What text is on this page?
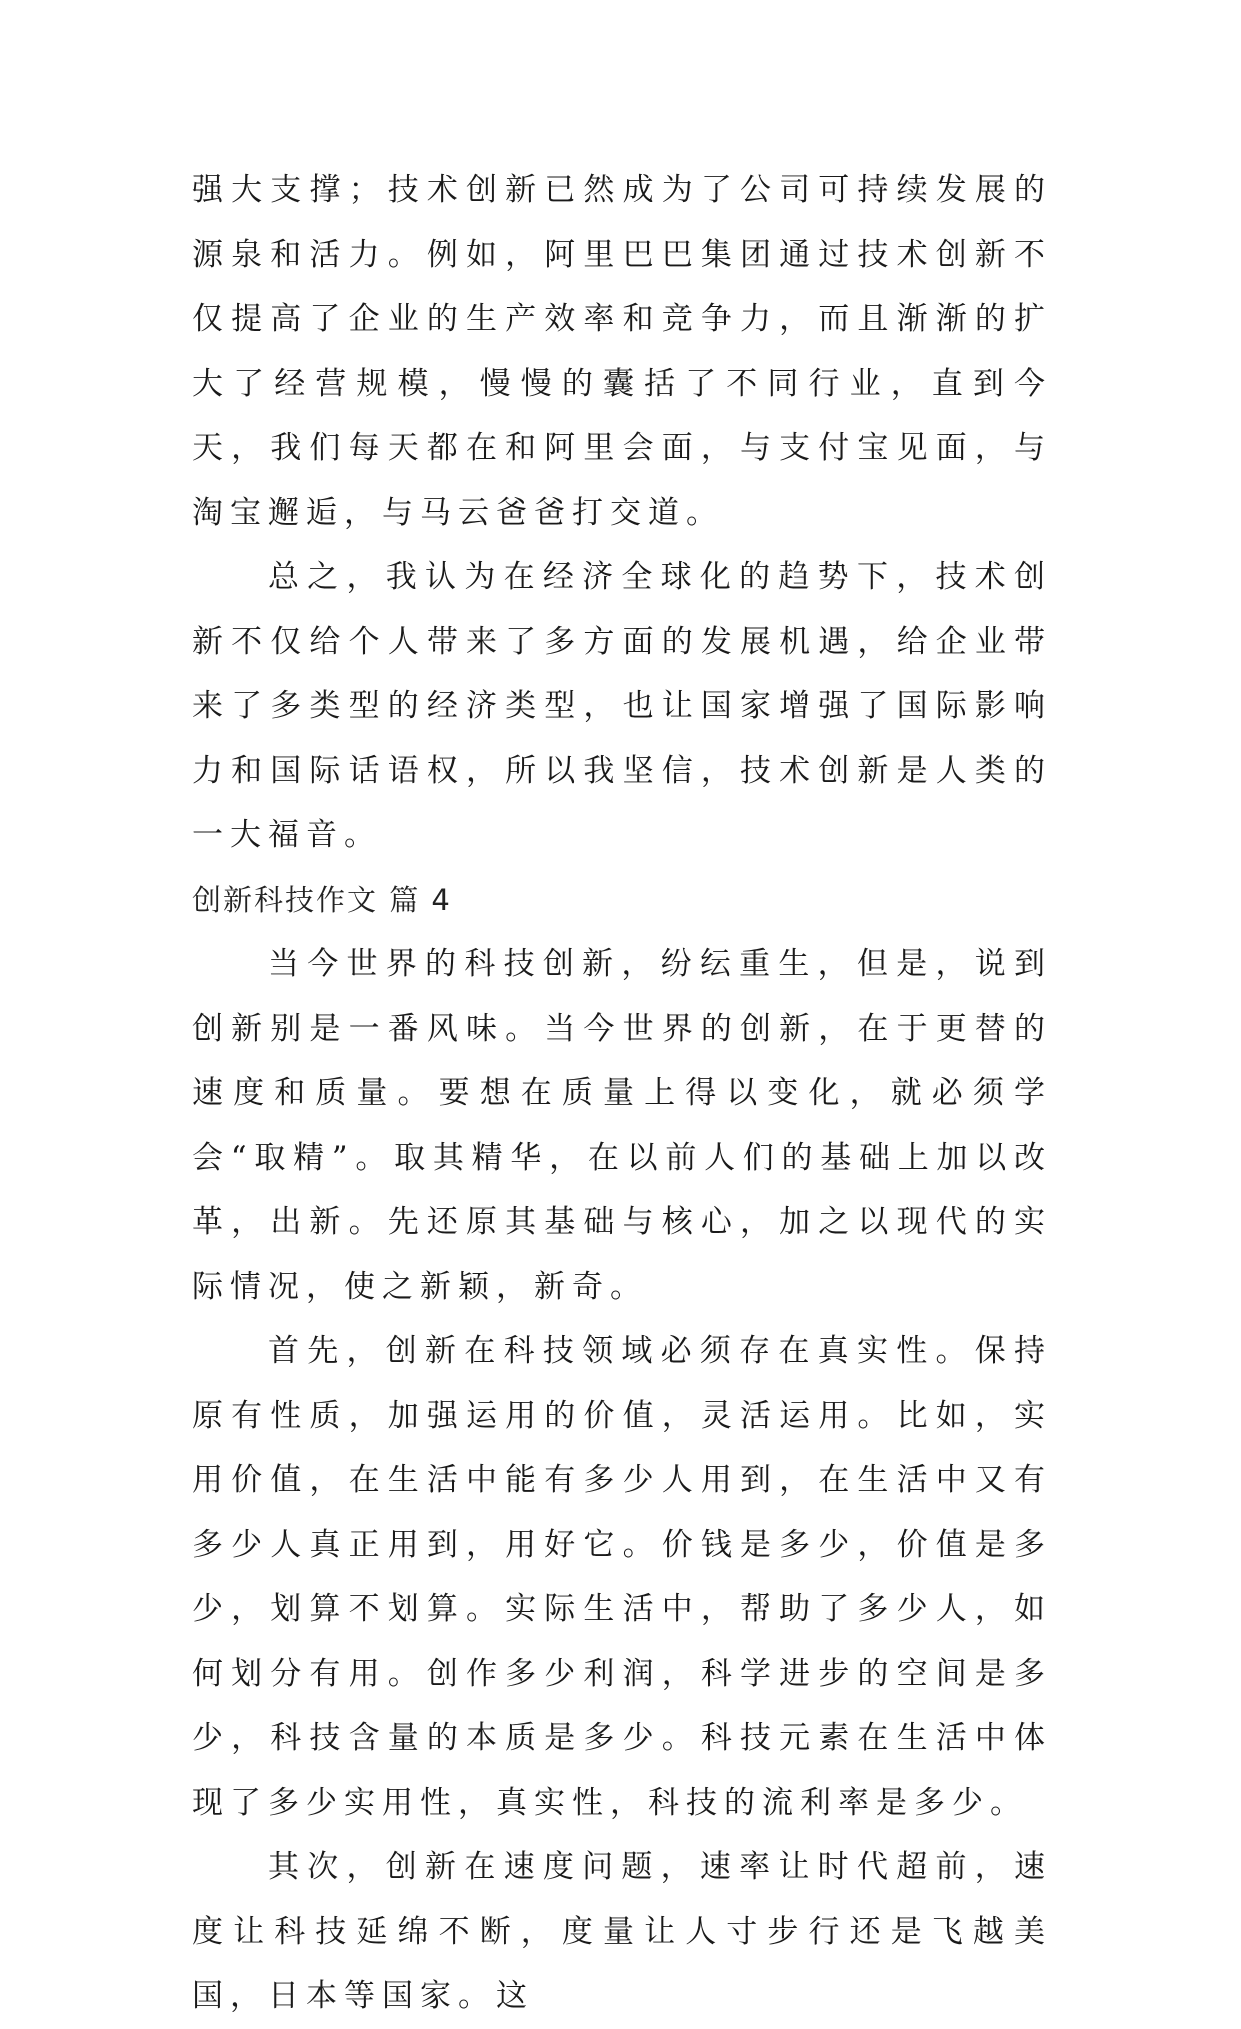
强大支撑；技术创新已然成为了公司可持续发展的源泉和活力。例如，阿里巴巴集团通过技术创新不仅提高了企业的生产效率和竞争力，而且渐渐的扩大了经营规模，慢慢的囊括了不同行业，直到今天，我们每天都在和阿里会面，与支付宝见面，与淘宝邂逅，与马云爸爸打交道。

总之，我认为在经济全球化的趋势下，技术创新不仅给个人带来了多方面的发展机遇，给企业带来了多类型的经济类型，也让国家增强了国际影响力和国际话语权，所以我坚信，技术创新是人类的一大福音。

创新科技作文 篇 4

当今世界的科技创新，纷纭重生，但是，说到创新别是一番风味。当今世界的创新，在于更替的速度和质量。要想在质量上得以变化，就必须学会“取精”。取其精华，在以前人们的基础上加以改革，出新。先还原其基础与核心，加之以现代的实际情况，使之新颖，新奇。

首先，创新在科技领域必须存在真实性。保持原有性质，加强运用的价值，灵活运用。比如，实用价值，在生活中能有多少人用到，在生活中又有多少人真正用到，用好它。价钱是多少，价值是多少，划算不划算。实际生活中，帮助了多少人，如何划分有用。创作多少利润，科学进步的空间是多少，科技含量的本质是多少。科技元素在生活中体现了多少实用性，真实性，科技的流利率是多少。

其次，创新在速度问题，速率让时代超前，速度让科技延绵不断，度量让人寸步行还是飞越美国，日本等国家。这
